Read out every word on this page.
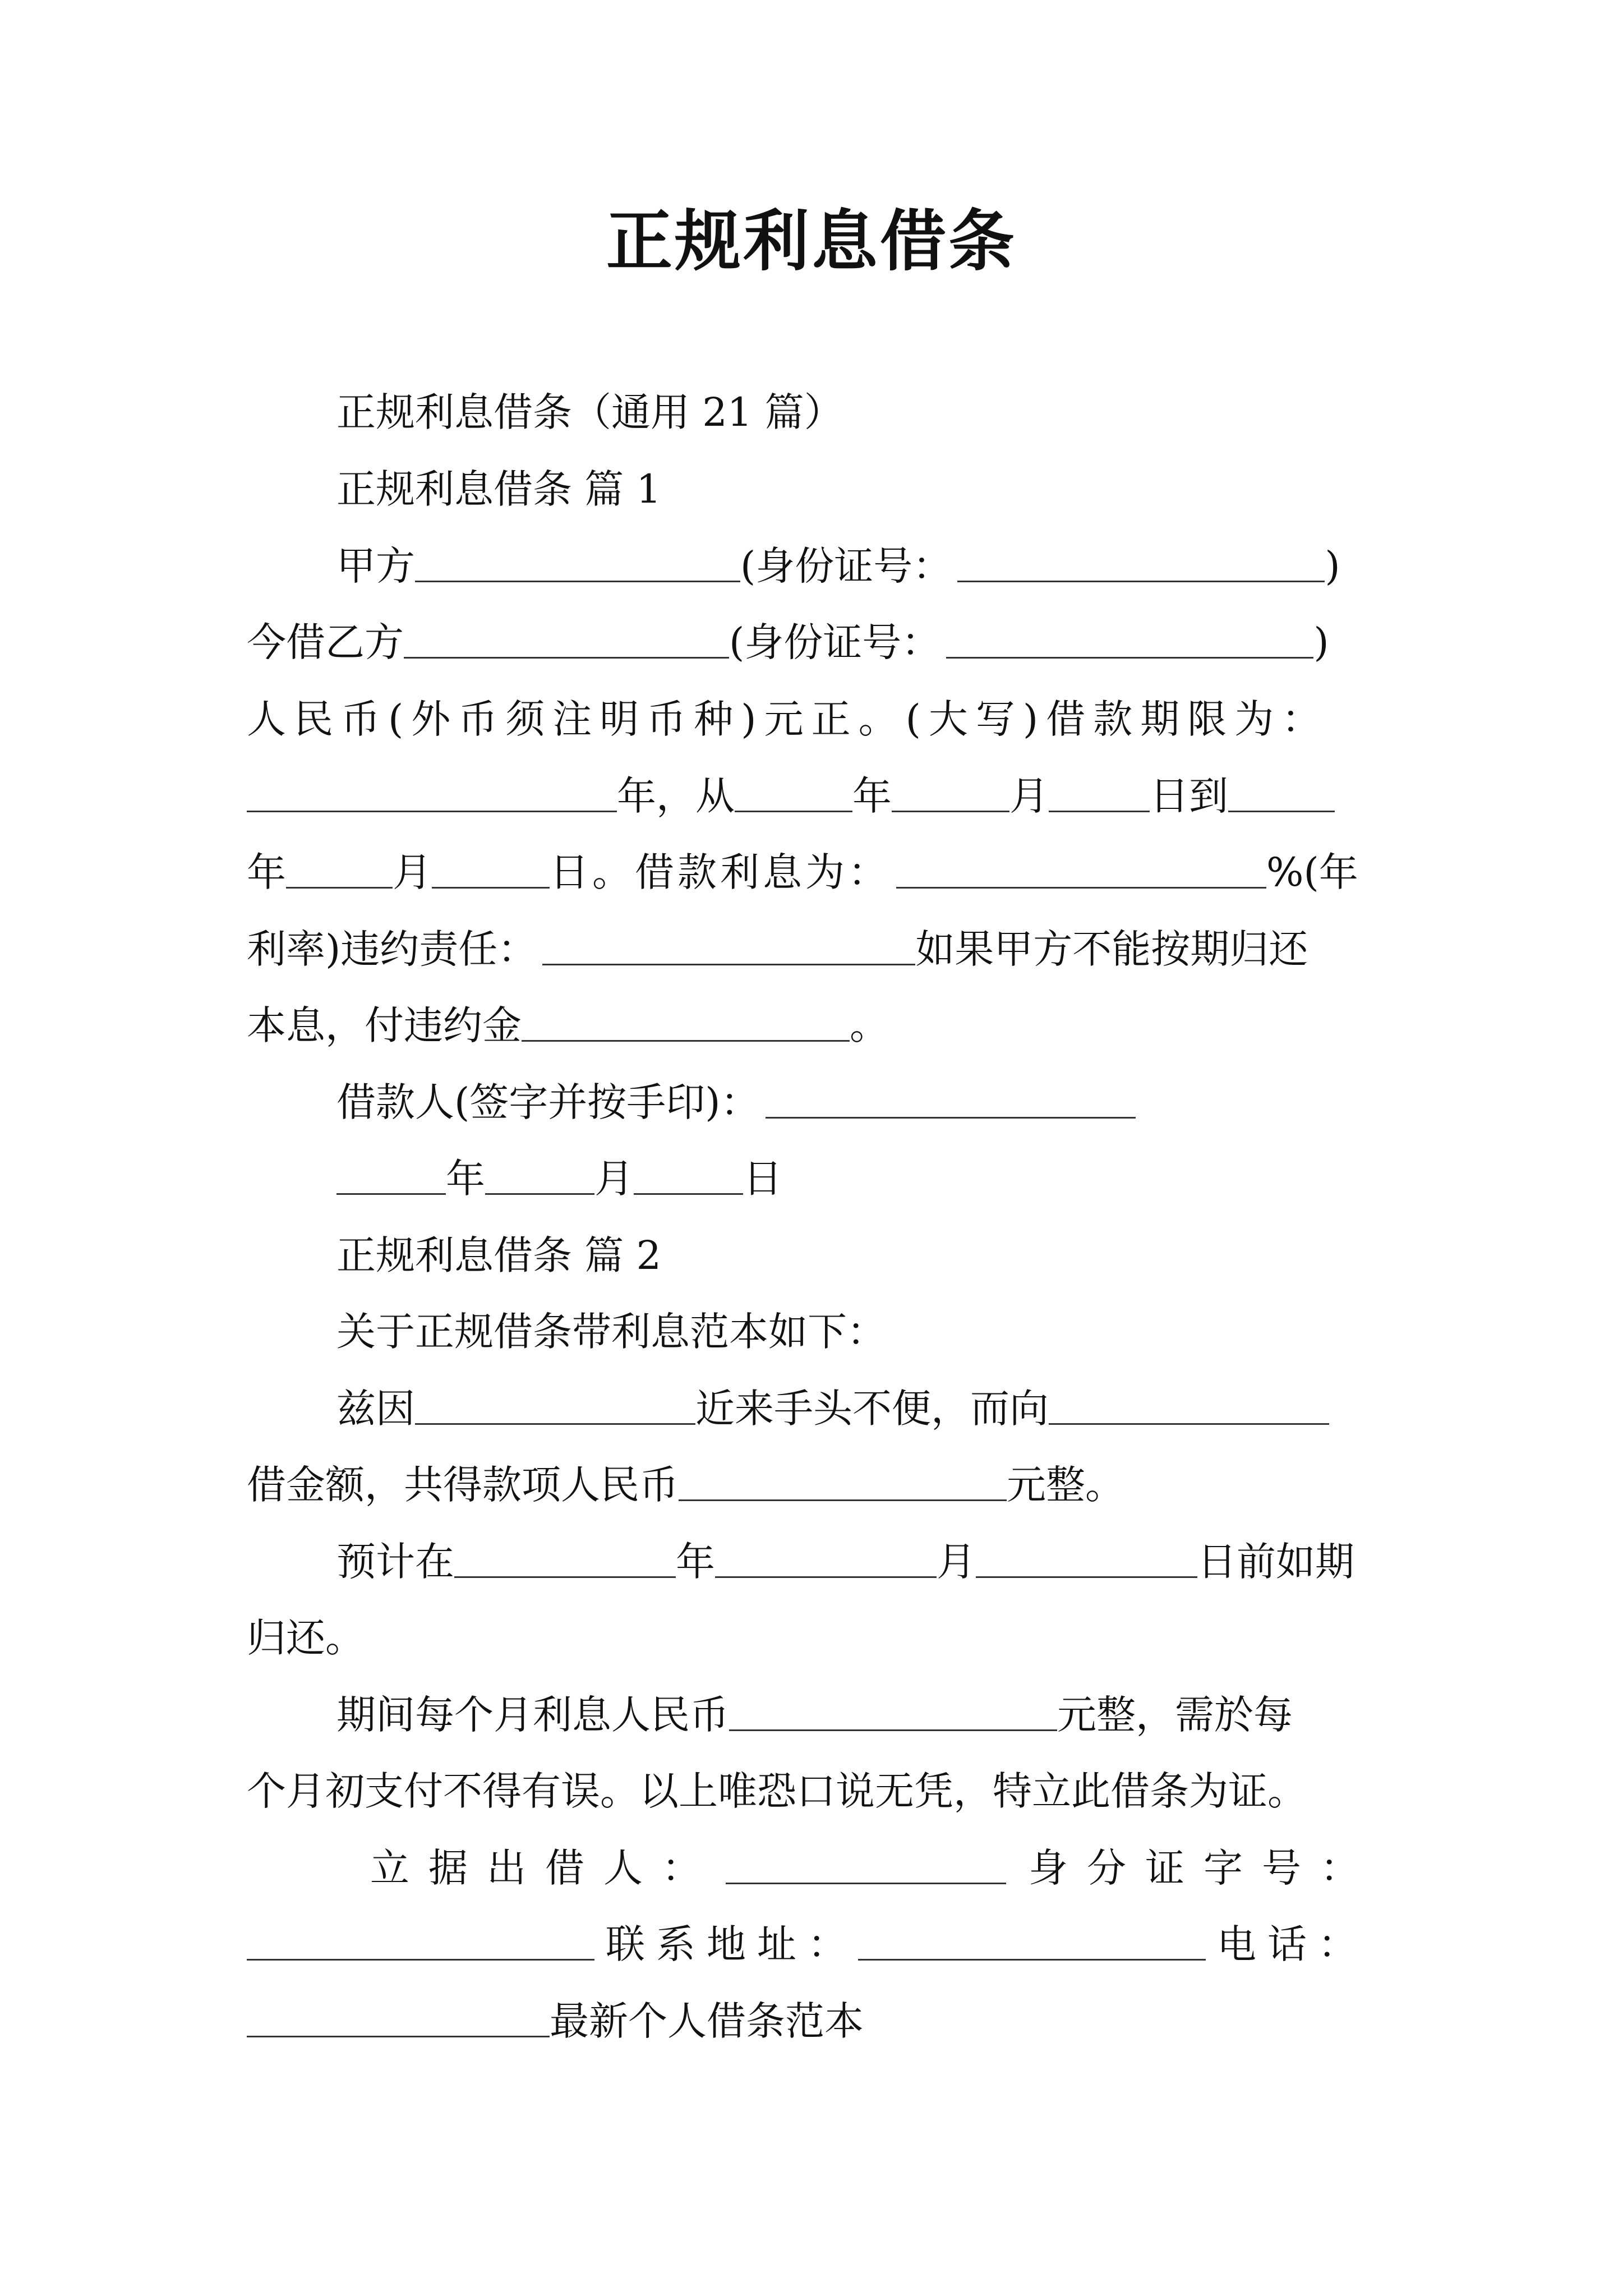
正规利息借条
正规利息借条（通用 21 篇）
正规利息借条 篇 1
甲方	(身份证号：	)
今借乙方	(身份证号：	)
人民币(外币须注明币种)元正。(大写)借款期限为：
年，从	年	月	日到
年	月	日。借款利息为：	%(年
利率)违约责任：	如果甲方不能按期归还
本息，付违约金	。
借款人(签字并按手印)：
年	月	日
正规利息借条 篇 2
关于正规借条带利息范本如下：
兹因	近来手头不便，而向
借金额，共得款项人民币	元整。
预计在	年	月	日前如期
归还。
期间每个月利息人民币	元整，需於每
个月初支付不得有误。以上唯恐口说无凭，特立此借条为证。
立据出借人：	身分证字号：
联系地址：	电话：
最新个人借条范本
